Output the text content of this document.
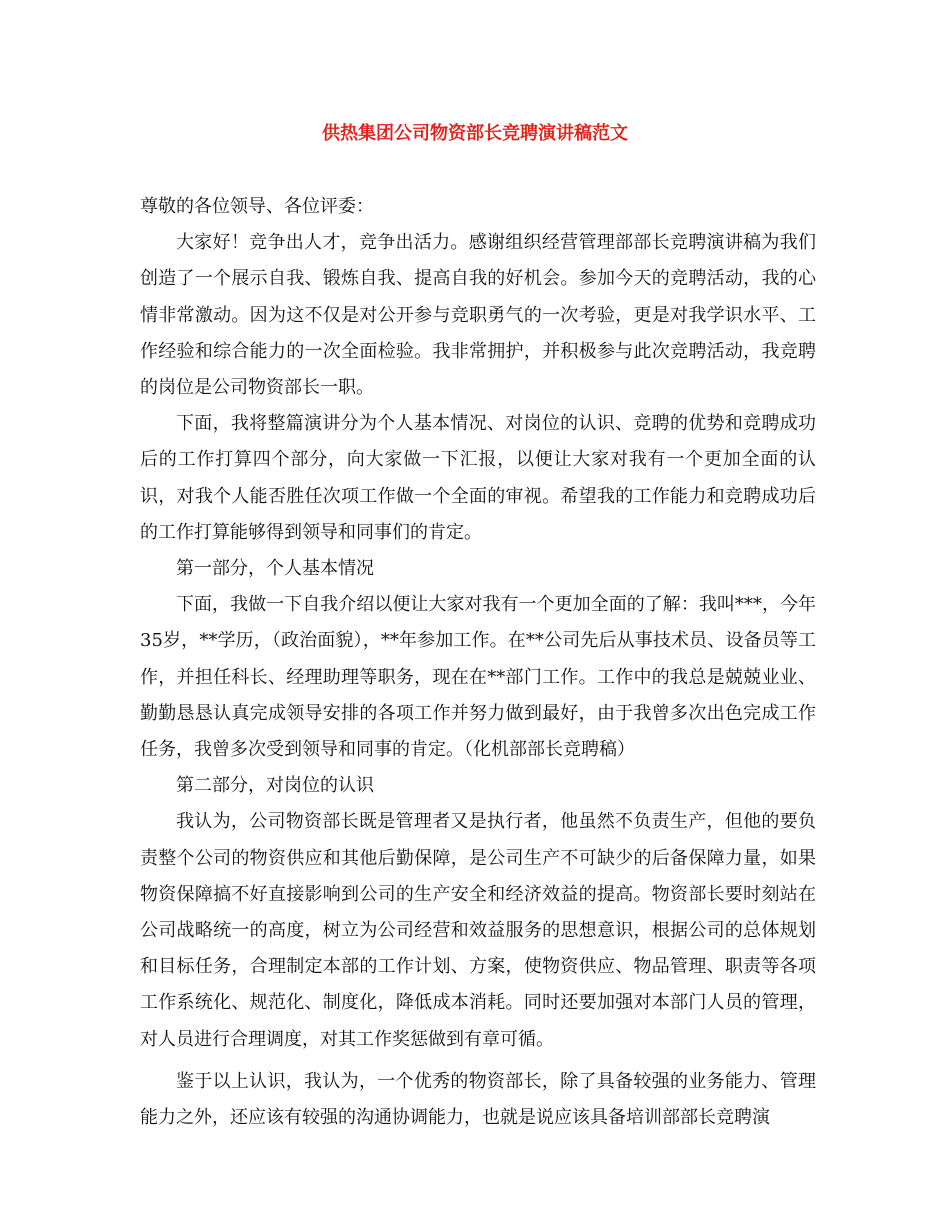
供热集团公司物资部长竞聘演讲稿范文

尊敬的各位领导、各位评委：

大家好！竞争出人才，竞争出活力。感谢组织经营管理部部长竞聘演讲稿为我们创造了一个展示自我、锻炼自我、提高自我的好机会。参加今天的竞聘活动，我的心情非常激动。因为这不仅是对公开参与竞职勇气的一次考验，更是对我学识水平、工作经验和综合能力的一次全面检验。我非常拥护，并积极参与此次竞聘活动，我竞聘的岗位是公司物资部长一职。

下面，我将整篇演讲分为个人基本情况、对岗位的认识、竞聘的优势和竞聘成功后的工作打算四个部分，向大家做一下汇报，以便让大家对我有一个更加全面的认识，对我个人能否胜任次项工作做一个全面的审视。希望我的工作能力和竞聘成功后的工作打算能够得到领导和同事们的肯定。

第一部分，个人基本情况

下面，我做一下自我介绍以便让大家对我有一个更加全面的了解：我叫***，今年35岁，**学历，（政治面貌），**年参加工作。在**公司先后从事技术员、设备员等工作，并担任科长、经理助理等职务，现在在**部门工作。工作中的我总是兢兢业业、勤勤恳恳认真完成领导安排的各项工作并努力做到最好，由于我曾多次出色完成工作任务，我曾多次受到领导和同事的肯定。（化机部部长竞聘稿）

第二部分，对岗位的认识

我认为，公司物资部长既是管理者又是执行者，他虽然不负责生产，但他的要负责整个公司的物资供应和其他后勤保障，是公司生产不可缺少的后备保障力量，如果物资保障搞不好直接影响到公司的生产安全和经济效益的提高。物资部长要时刻站在公司战略统一的高度，树立为公司经营和效益服务的思想意识，根据公司的总体规划和目标任务，合理制定本部的工作计划、方案，使物资供应、物品管理、职责等各项工作系统化、规范化、制度化，降低成本消耗。同时还要加强对本部门人员的管理，对人员进行合理调度，对其工作奖惩做到有章可循。

鉴于以上认识，我认为，一个优秀的物资部长，除了具备较强的业务能力、管理能力之外，还应该有较强的沟通协调能力，也就是说应该具备培训部部长竞聘演
